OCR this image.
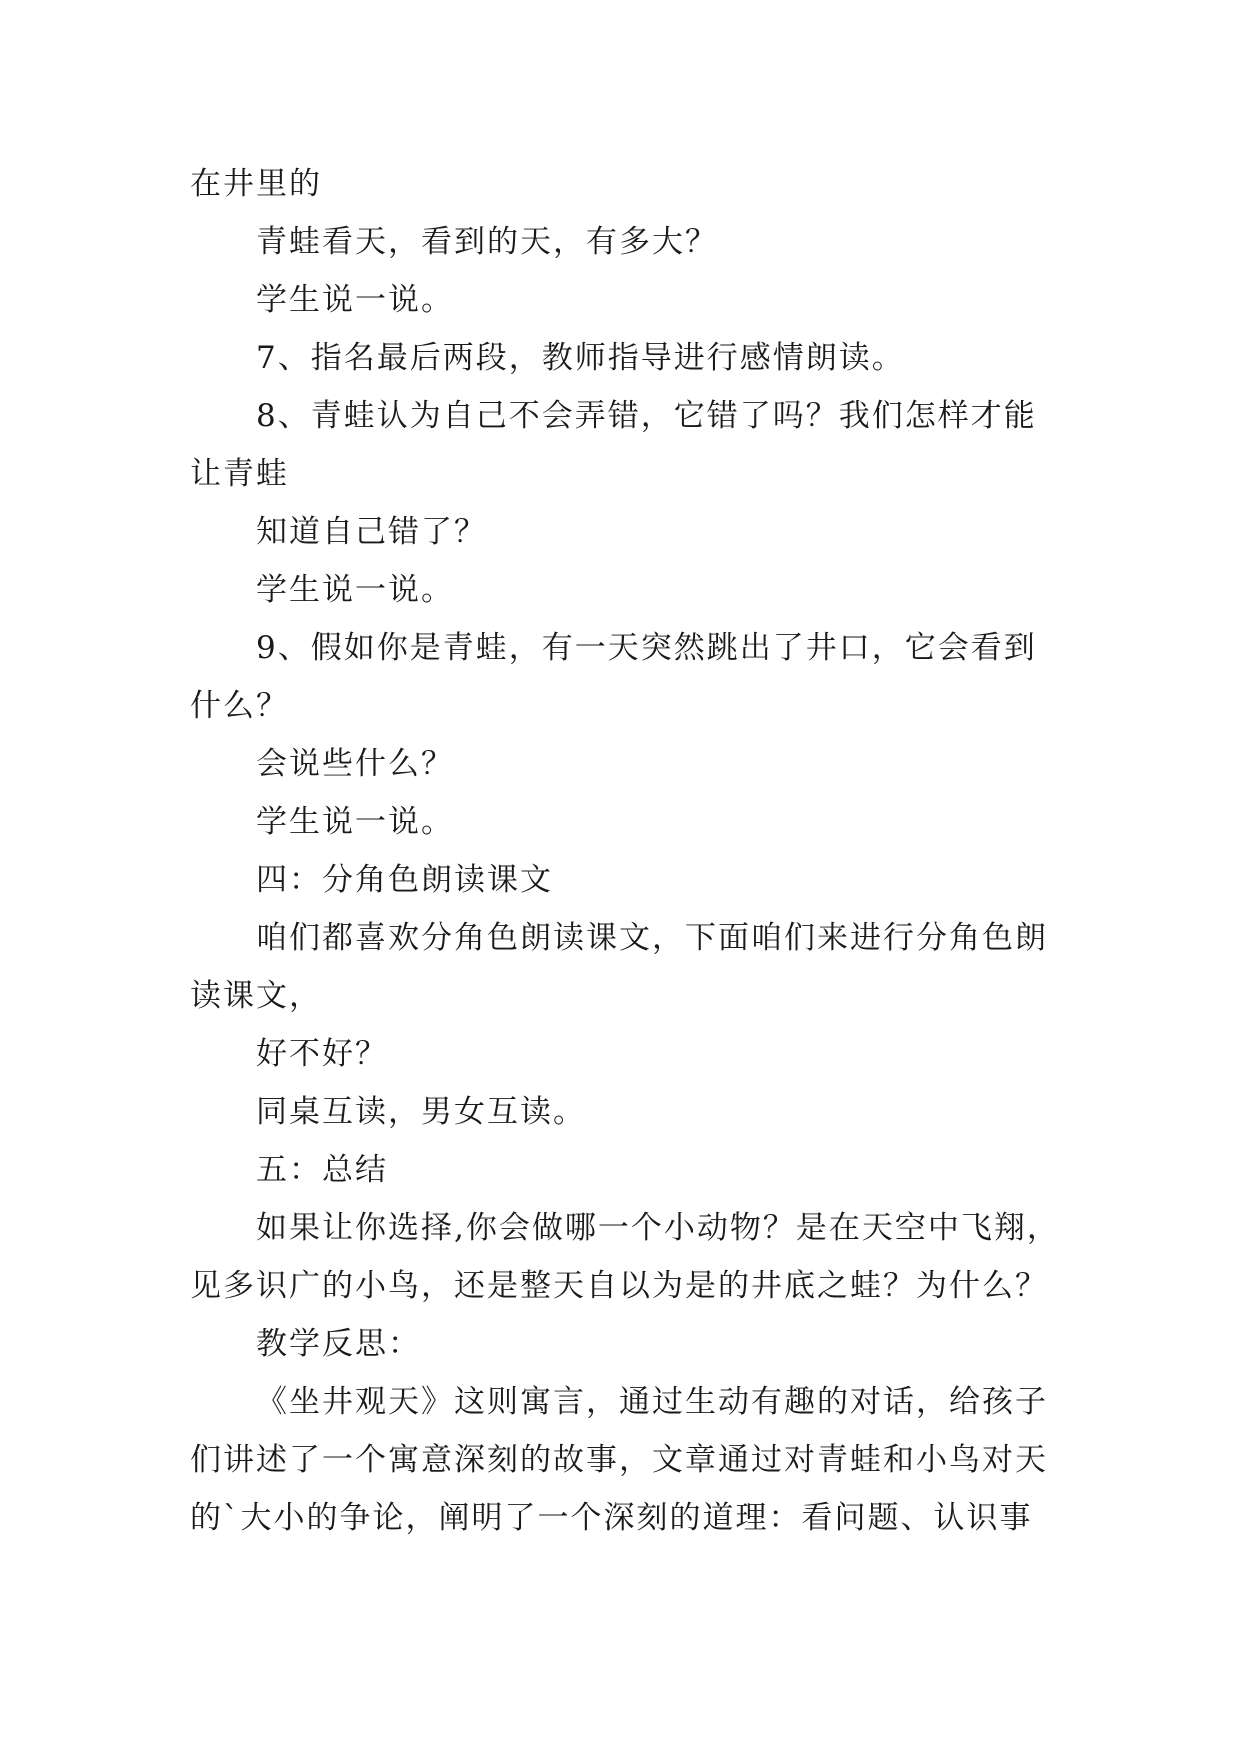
在井里的
青蛙看天，看到的天，有多大？
学生说一说。
7、指名最后两段，教师指导进行感情朗读。
8、青蛙认为自己不会弄错，它错了吗？我们怎样才能
让青蛙
知道自己错了？
学生说一说。
9、假如你是青蛙，有一天突然跳出了井口，它会看到
什么？
会说些什么？
学生说一说。
四：分角色朗读课文
咱们都喜欢分角色朗读课文，下面咱们来进行分角色朗
读课文，
好不好？
同桌互读，男女互读。
五：总结
如果让你选择,你会做哪一个小动物？是在天空中飞翔，
见多识广的小鸟，还是整天自以为是的井底之蛙？为什么？
教学反思：
《坐井观天》这则寓言，通过生动有趣的对话，给孩子
们讲述了一个寓意深刻的故事，文章通过对青蛙和小鸟对天
的`大小的争论，阐明了一个深刻的道理：看问题、认识事
